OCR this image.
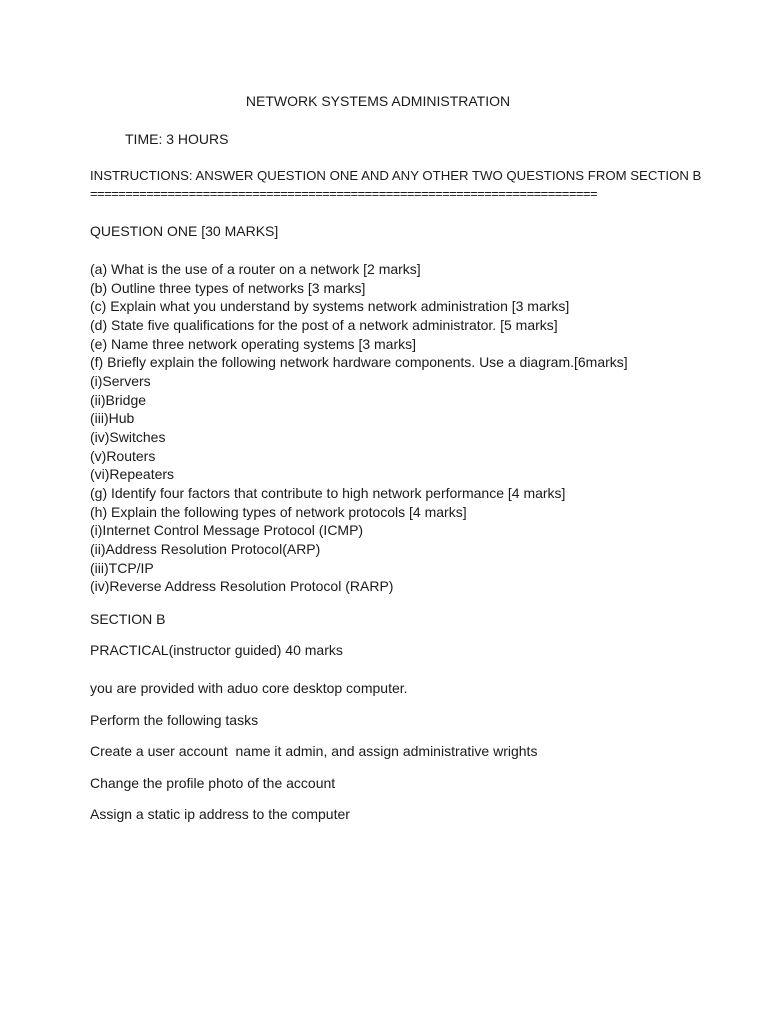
NETWORK SYSTEMS ADMINISTRATION
TIME: 3 HOURS
INSTRUCTIONS: ANSWER QUESTION ONE AND ANY OTHER TWO QUESTIONS FROM SECTION B
========================================================================
QUESTION ONE [30 MARKS]
(a) What is the use of a router on a network [2 marks]
(b) Outline three types of networks [3 marks]
(c) Explain what you understand by systems network administration [3 marks]
(d) State five qualifications for the post of a network administrator. [5 marks]
(e) Name three network operating systems [3 marks]
(f) Briefly explain the following network hardware components. Use a diagram.[6marks]
(i)Servers
(ii)Bridge
(iii)Hub
(iv)Switches
(v)Routers
(vi)Repeaters
(g) Identify four factors that contribute to high network performance [4 marks]
(h) Explain the following types of network protocols [4 marks]
(i)Internet Control Message Protocol (ICMP)
(ii)Address Resolution Protocol(ARP)
(iii)TCP/IP
(iv)Reverse Address Resolution Protocol (RARP)
SECTION B
PRACTICAL(instructor guided) 40 marks
you are provided with aduo core desktop computer.
Perform the following tasks
Create a user account  name it admin, and assign administrative wrights
Change the profile photo of the account
Assign a static ip address to the computer
